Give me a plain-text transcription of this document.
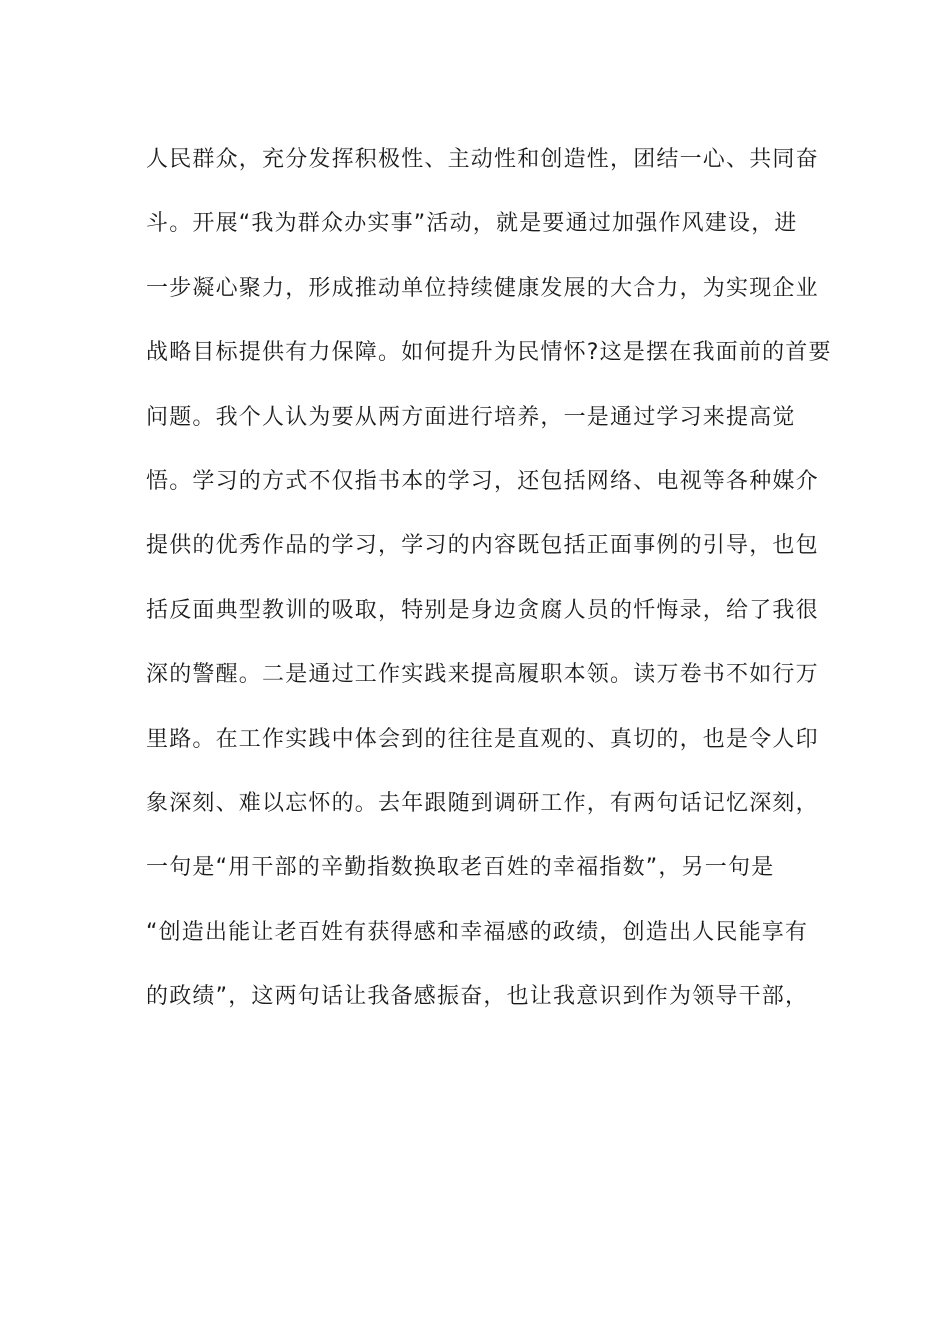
人民群众，充分发挥积极性、主动性和创造性，团结一心、共同奋
斗。开展“我为群众办实事”活动，就是要通过加强作风建设，进
一步凝心聚力，形成推动单位持续健康发展的大合力，为实现企业
战略目标提供有力保障。如何提升为民情怀?这是摆在我面前的首要
问题。我个人认为要从两方面进行培养，一是通过学习来提高觉
悟。学习的方式不仅指书本的学习，还包括网络、电视等各种媒介
提供的优秀作品的学习，学习的内容既包括正面事例的引导，也包
括反面典型教训的吸取，特别是身边贪腐人员的忏悔录，给了我很
深的警醒。二是通过工作实践来提高履职本领。读万卷书不如行万
里路。在工作实践中体会到的往往是直观的、真切的，也是令人印
象深刻、难以忘怀的。去年跟随到调研工作，有两句话记忆深刻，
一句是“用干部的辛勤指数换取老百姓的幸福指数”，另一句是
“创造出能让老百姓有获得感和幸福感的政绩，创造出人民能享有
的政绩”，这两句话让我备感振奋，也让我意识到作为领导干部，
